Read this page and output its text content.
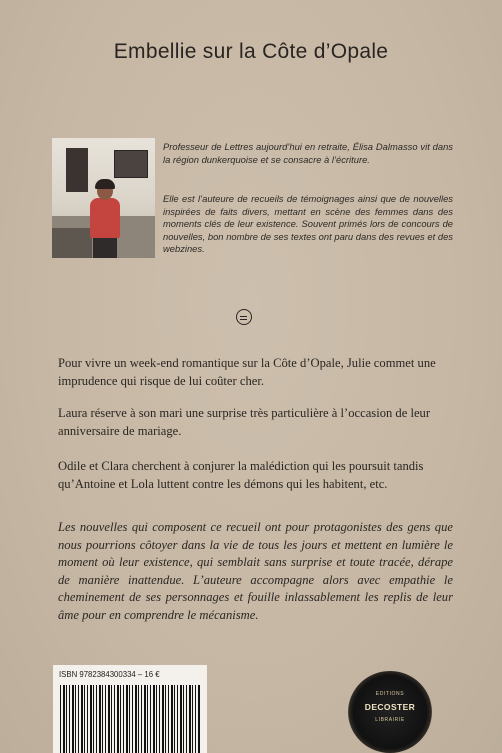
Embellie sur la Côte d’Opale
Professeur de Lettres aujourd’hui en retraite, Élisa Dalmasso vit dans la région dunkerquoise et se consacre à l’écriture.
Elle est l’auteure de recueils de témoignages ainsi que de nouvelles inspirées de faits divers, mettant en scène des femmes dans des moments clés de leur existence. Souvent primés lors de concours de nouvelles, bon nombre de ses textes ont paru dans des revues et des webzines.
Pour vivre un week-end romantique sur la Côte d’Opale, Julie commet une imprudence qui risque de lui coûter cher.
Laura réserve à son mari une surprise très particulière à l’occasion de leur anniversaire de mariage.
Odile et Clara cherchent à conjurer la malédiction qui les poursuit tandis qu’Antoine et Lola luttent contre les démons qui les habitent, etc.
Les nouvelles qui composent ce recueil ont pour protagonistes des gens que nous pourrions côtoyer dans la vie de tous les jours et mettent en lumière le moment où leur existence, qui semblait sans surprise et toute tracée, dérape de manière inattendue. L’auteure accompagne alors avec empathie le cheminement de ses personnages et fouille inlassablement les replis de leur âme pour en comprendre le mécanisme.
ISBN 9782384300334 – 16 €
EDITIONS
DECOSTER
LIBRAIRIE
